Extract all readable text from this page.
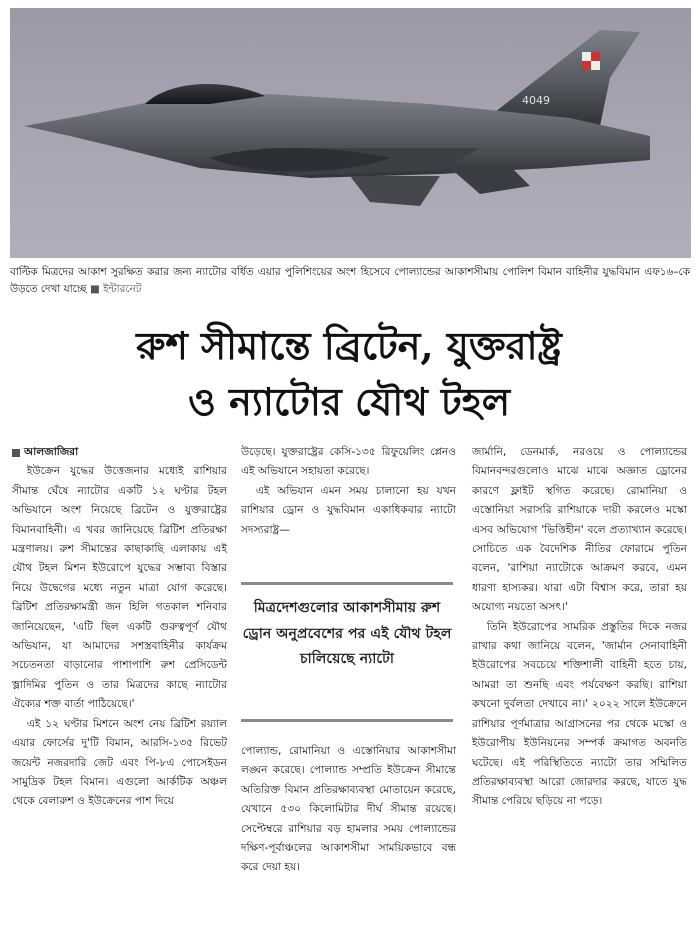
4049
বাল্টিক মিত্রদের আকাশ সুরক্ষিত করার জন্য ন্যাটোর বর্ধিত এয়ার পুলিশিংয়ের অংশ হিসেবে পোল্যান্ডের আকাশসীমায় পোলিশ বিমান বাহিনীর যুদ্ধবিমান এফ১৬–কে উড়তে দেখা যাচ্ছে ■ ইন্টারনেট
রুশ সীমান্তে ব্রিটেন, যুক্তরাষ্ট্র
ও ন্যাটোর যৌথ টহল
আলজাজিরা

ইউক্রেন যুদ্ধের উত্তেজনার মধ্যেই রাশিয়ার সীমান্ত ঘেঁষে ন্যাটোর একটি ১২ ঘণ্টার টহল অভিযানে অংশ নিয়েছে ব্রিটেন ও যুক্তরাষ্ট্রের বিমানবাহিনী। এ খবর জানিয়েছে ব্রিটিশ প্রতিরক্ষা মন্ত্রণালয়। রুশ সীমান্তের কাছাকাছি এলাকায় এই যৌথ টহল মিশন ইউরোপে যুদ্ধের সম্ভাব্য বিস্তার নিয়ে উদ্বেগের মধ্যে নতুন মাত্রা যোগ করেছে। ব্রিটিশ প্রতিরক্ষামন্ত্রী জন হিলি গতকাল শনিবার জানিয়েছেন, 'এটি ছিল একটি গুরুত্বপূর্ণ যৌথ অভিযান, যা আমাদের সশস্ত্রবাহিনীর কার্যক্রম সচেতনতা বাড়ানোর পাশাপাশি রুশ প্রেসিডেন্ট ভ্লাদিমির পুতিন ও তার মিত্রদের কাছে ন্যাটোর ঐক্যের শক্ত বার্তা পাঠিয়েছে।'

এই ১২ ঘণ্টার মিশনে অংশ নেয় ব্রিটিশ রয়্যাল এয়ার ফোর্সের দু'টি বিমান, আরসি-১৩৫ রিভেট জয়েন্ট নজরদারি জেট এবং পি-৮এ পোসেইডন সামুদ্রিক টহল বিমান। এগুলো আর্কটিক অঞ্চল থেকে বেলারুশ ও ইউক্রেনের পাশ দিয়ে

উড়েছে। যুক্তরাষ্ট্রের কেসি-১৩৫ রিফুয়েলিং প্লেনও এই অভিযানে সহায়তা করেছে।

এই অভিযান এমন সময় চালানো হয় যখন রাশিয়ার ড্রোন ও যুদ্ধবিমান একাধিকবার ন্যাটো সদস্যরাষ্ট্র—

মিত্রদেশগুলোর আকাশসীমায় রুশ ড্রোন অনুপ্রবেশের পর এই যৌথ টহল চালিয়েছে ন্যাটো

পোল্যান্ড, রোমানিয়া ও এস্তোনিয়ার আকাশসীমা লঙ্ঘন করেছে। পোল্যান্ড সম্প্রতি ইউক্রেন সীমান্তে অতিরিক্ত বিমান প্রতিরক্ষাব্যবস্থা মোতায়েন করেছে, যেখানে ৫৩০ কিলোমিটার দীর্ঘ সীমান্ত রয়েছে। সেপ্টেম্বরে রাশিয়ার বড় হামলার সময় পোল্যান্ডের দক্ষিণ-পূর্বাঞ্চলের আকাশসীমা সাময়িকভাবে বন্ধ করে দেয়া হয়।

জার্মানি, ডেনমার্ক, নরওয়ে ও পোল্যান্ডের বিমানবন্দরগুলোও মাঝে মাঝে অজ্ঞাত ড্রোনের কারণে ফ্লাইট স্থগিত করেছে। রোমানিয়া ও এস্তোনিয়া সরাসরি রাশিয়াকে দায়ী করলেও মস্কো এসব অভিযোগ 'ভিত্তিহীন' বলে প্রত্যাখ্যান করেছে। সোচিতে এক বৈদেশিক নীতির ফোরামে পুতিন বলেন, 'রাশিয়া ন্যাটোকে আক্রমণ করবে, এমন ধারণা হাস্যকর। যারা এটা বিশ্বাস করে, তারা হয় অযোগ্য নয়তো অসৎ।'

তিনি ইউরোপের সামরিক প্রস্তুতির দিকে নজর রাখার কথা জানিয়ে বলেন, 'জার্মান সেনাবাহিনী ইউরোপের সবচেয়ে শক্তিশালী বাহিনী হতে চায়, আমরা তা শুনছি এবং পর্যবেক্ষণ করছি। রাশিয়া কখনো দুর্বলতা দেখাবে না।' ২০২২ সালে ইউক্রেনে রাশিয়ার পূর্ণমাত্রার আগ্রাসনের পর থেকে মস্কো ও ইউরোপীয় ইউনিয়নের সম্পর্ক ক্রমাগত অবনতি ঘটেছে। এই পরিস্থিতিতে ন্যাটো তার সম্মিলিত প্রতিরক্ষাব্যবস্থা আরো জোরদার করছে, যাতে যুদ্ধ সীমান্ত পেরিয়ে ছড়িয়ে না পড়ে।
